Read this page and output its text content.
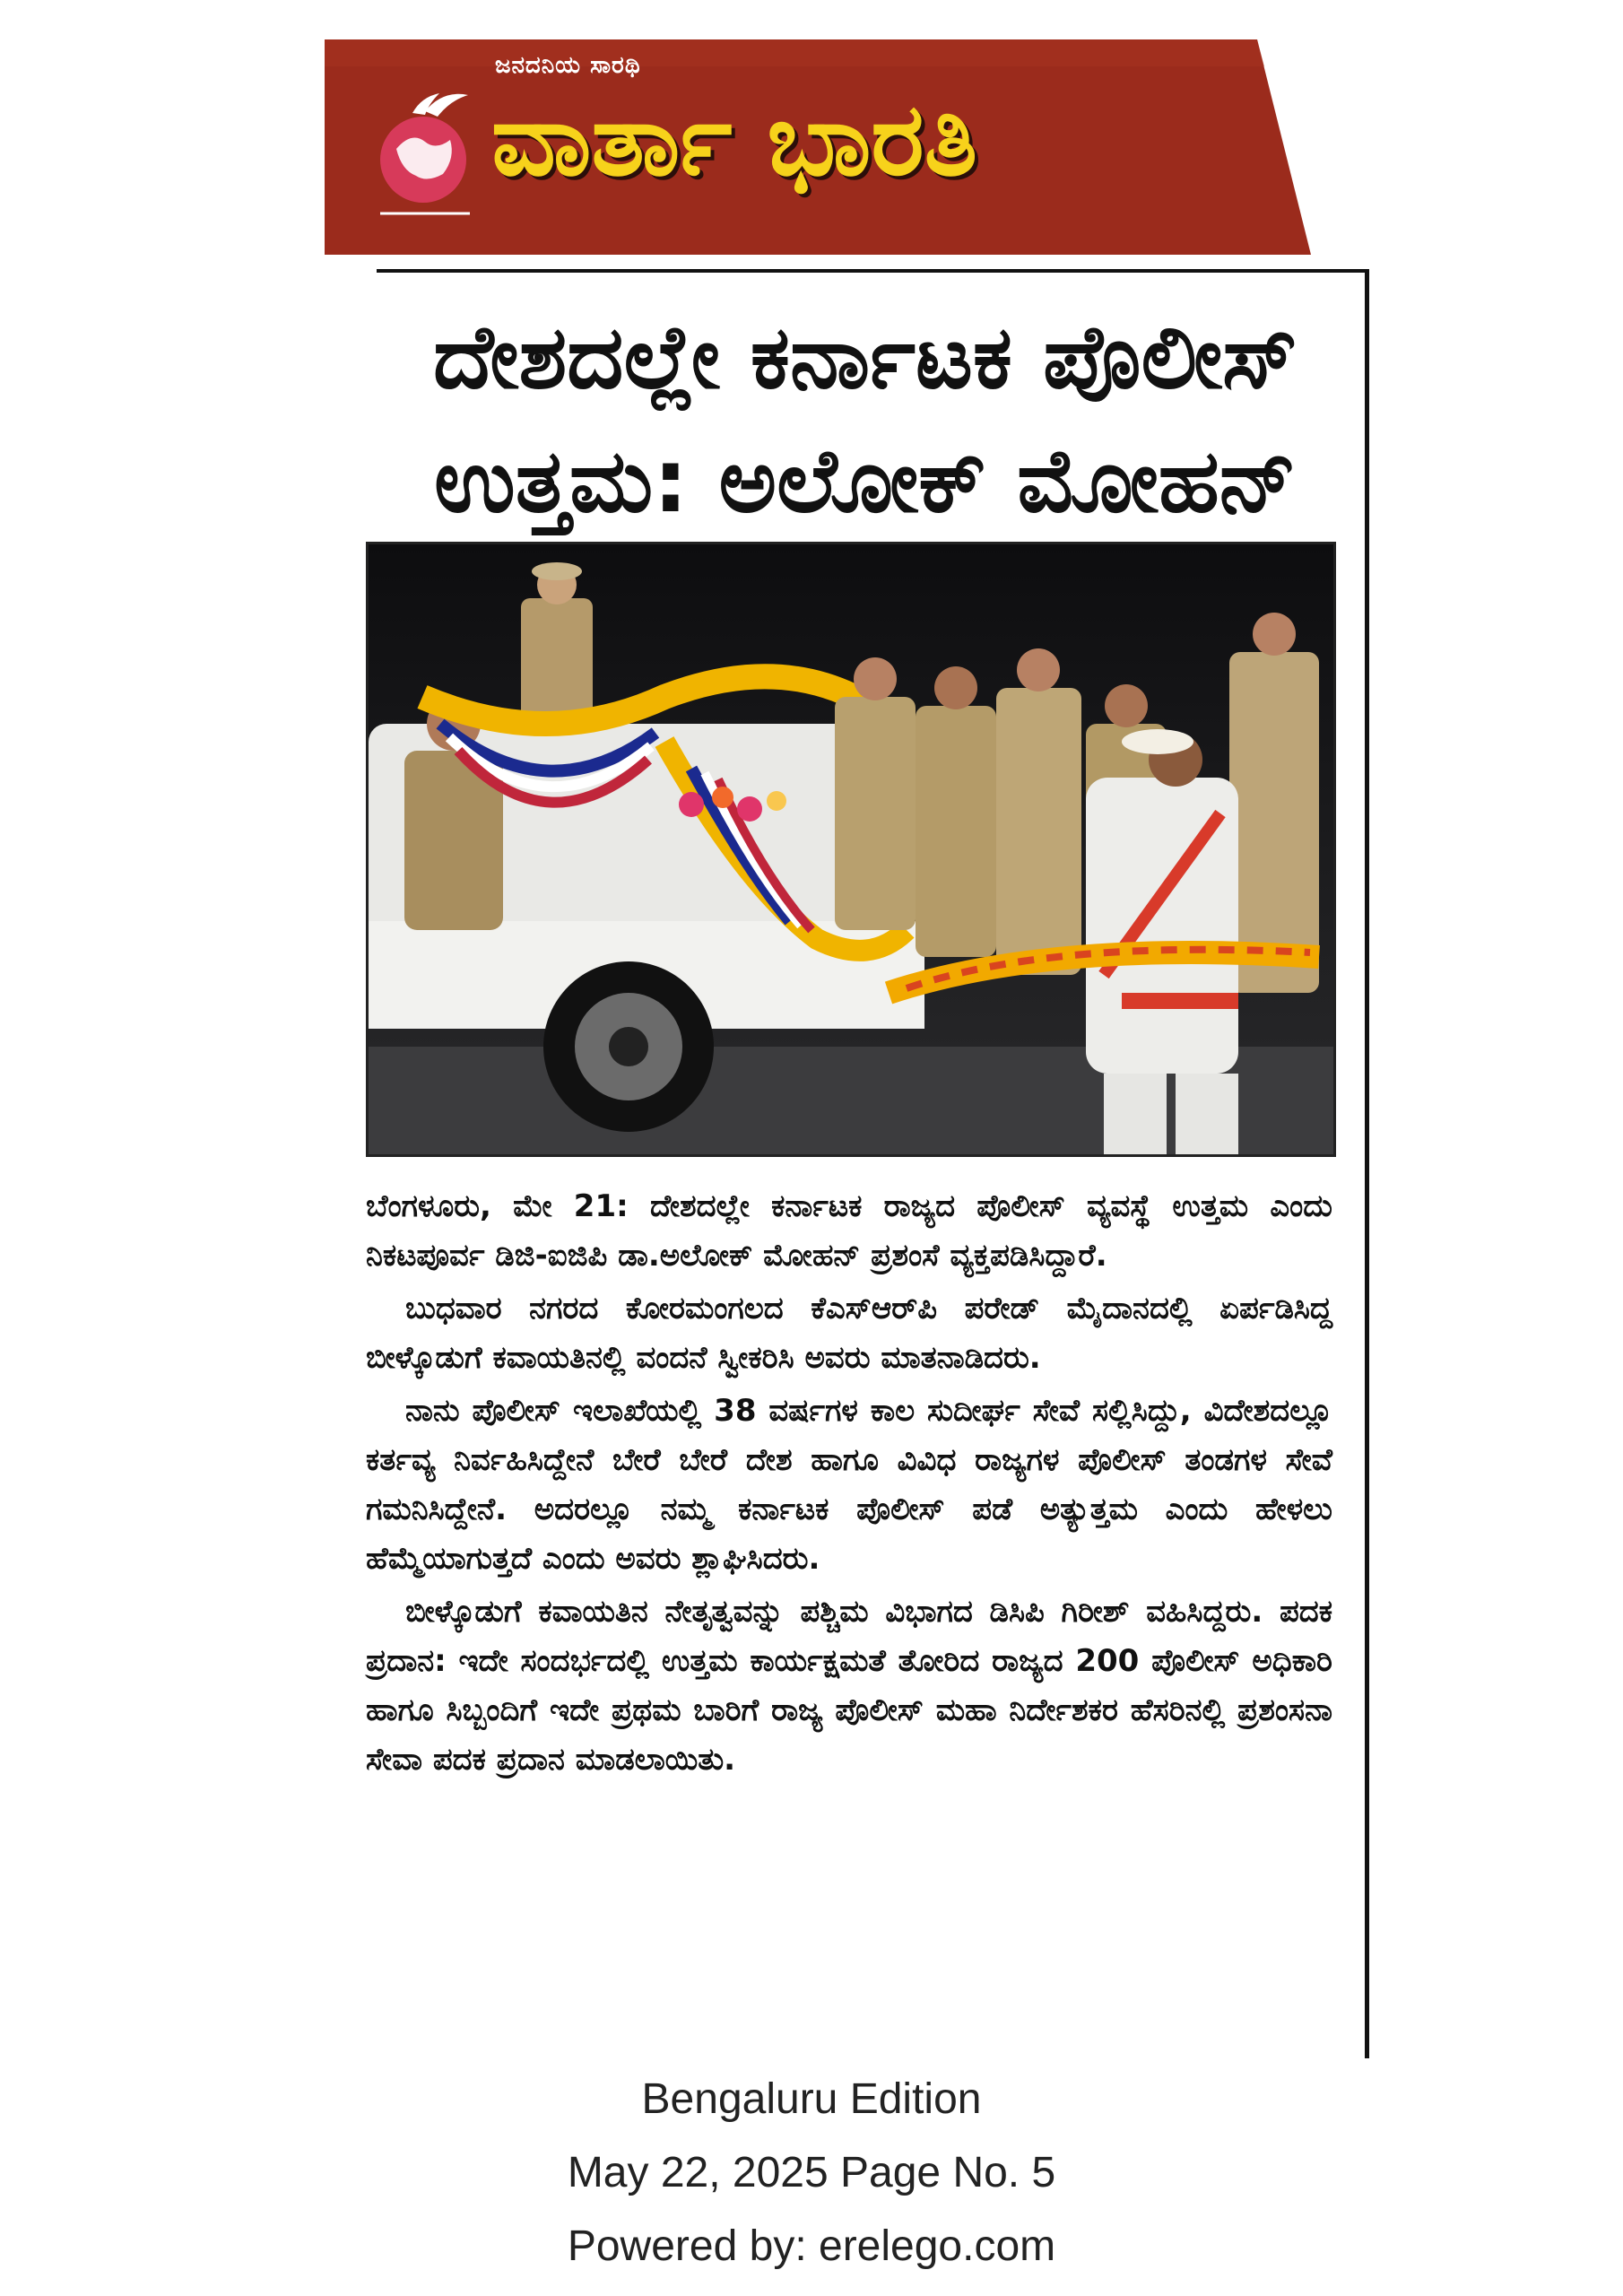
ಜನದನಿಯ ಸಾರಥಿ
ವಾರ್ತಾ ಭಾರತಿ
ದೇಶದಲ್ಲೇ ಕರ್ನಾಟಕ ಪೊಲೀಸ್
ಉತ್ತಮ: ಅಲೋಕ್ ಮೋಹನ್

ಬೆಂಗಳೂರು, ಮೇ 21: ದೇಶದಲ್ಲೇ ಕರ್ನಾಟಕ ರಾಜ್ಯದ ಪೊಲೀಸ್ ವ್ಯವಸ್ಥೆ ಉತ್ತಮ ಎಂದು ನಿಕಟಪೂರ್ವ ಡಿಜಿ-ಐಜಿಪಿ ಡಾ.ಅಲೋಕ್ ಮೋಹನ್ ಪ್ರಶಂಸೆ ವ್ಯಕ್ತಪಡಿಸಿದ್ದಾರೆ.

ಬುಧವಾರ ನಗರದ ಕೋರಮಂಗಲದ ಕೆಎಸ್‌ಆರ್‌ಪಿ ಪರೇಡ್ ಮೈದಾನದಲ್ಲಿ ಏರ್ಪಡಿಸಿದ್ದ ಬೀಳ್ಕೊಡುಗೆ ಕವಾಯತಿನಲ್ಲಿ ವಂದನೆ ಸ್ವೀಕರಿಸಿ ಅವರು ಮಾತನಾಡಿದರು.

ನಾನು ಪೊಲೀಸ್ ಇಲಾಖೆಯಲ್ಲಿ 38 ವರ್ಷಗಳ ಕಾಲ ಸುದೀರ್ಘ ಸೇವೆ ಸಲ್ಲಿಸಿದ್ದು, ವಿದೇಶದಲ್ಲೂ ಕರ್ತವ್ಯ ನಿರ್ವಹಿಸಿದ್ದೇನೆ ಬೇರೆ ಬೇರೆ ದೇಶ ಹಾಗೂ ವಿವಿಧ ರಾಜ್ಯಗಳ ಪೊಲೀಸ್ ತಂಡಗಳ ಸೇವೆ ಗಮನಿಸಿದ್ದೇನೆ. ಅದರಲ್ಲೂ ನಮ್ಮ ಕರ್ನಾಟಕ ಪೊಲೀಸ್ ಪಡೆ ಅತ್ಯುತ್ತಮ ಎಂದು ಹೇಳಲು ಹೆಮ್ಮೆಯಾಗುತ್ತದೆ ಎಂದು ಅವರು ಶ್ಲಾಘಿಸಿದರು.

ಬೀಳ್ಕೊಡುಗೆ ಕವಾಯತಿನ ನೇತೃತ್ವವನ್ನು ಪಶ್ಚಿಮ ವಿಭಾಗದ ಡಿಸಿಪಿ ಗಿರೀಶ್ ವಹಿಸಿದ್ದರು. ಪದಕ ಪ್ರದಾನ: ಇದೇ ಸಂದರ್ಭದಲ್ಲಿ ಉತ್ತಮ ಕಾರ್ಯಕ್ಷಮತೆ ತೋರಿದ ರಾಜ್ಯದ 200 ಪೊಲೀಸ್ ಅಧಿಕಾರಿ ಹಾಗೂ ಸಿಬ್ಬಂದಿಗೆ ಇದೇ ಪ್ರಥಮ ಬಾರಿಗೆ ರಾಜ್ಯ ಪೊಲೀಸ್ ಮಹಾ ನಿರ್ದೇಶಕರ ಹೆಸರಿನಲ್ಲಿ ಪ್ರಶಂಸನಾ ಸೇವಾ ಪದಕ ಪ್ರದಾನ ಮಾಡಲಾಯಿತು.

Bengaluru Edition
May 22, 2025 Page No. 5
Powered by: erelego.com
